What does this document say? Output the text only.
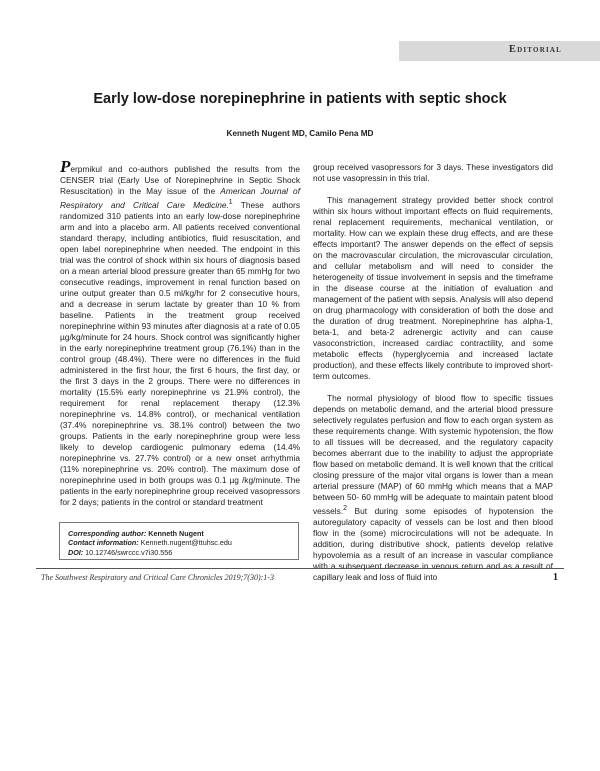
Editorial
Early low-dose norepinephrine in patients with septic shock
Kenneth Nugent MD, Camilo Pena MD

Perpmikul and co-authors published the results from the CENSER trial (Early Use of Norepinephrine in Septic Shock Resuscitation) in the May issue of the American Journal of Respiratory and Critical Care Medicine.$^1$ These authors randomized 310 patients into an early low-dose norepinephrine arm and into a placebo arm. All patients received conventional standard therapy, including antibiotics, fluid resuscitation, and open label norepinephrine when needed. The endpoint in this trial was the control of shock within six hours of diagnosis based on a mean arterial blood pressure greater than 65 mmHg for two consecutive readings, improvement in renal function based on urine output greater than 0.5 ml/kg/hr for 2 consecutive hours, and a decrease in serum lactate by greater than 10 % from baseline. Patients in the treatment group received norepinephrine within 93 minutes after diagnosis at a rate of 0.05 µg/kg/minute for 24 hours. Shock control was significantly higher in the early norepinephrine treatment group (76.1%) than in the control group (48.4%). There were no differences in the fluid administered in the first hour, the first 6 hours, the first day, or the first 3 days in the 2 groups. There were no differences in mortality (15.5% early norepinephrine vs 21.9% control), the requirement for renal replacement therapy (12.3% norepinephrine vs. 14.8% control), or mechanical ventilation (37.4% norepinephrine vs. 38.1% control) between the two groups. Patients in the early norepinephrine group were less likely to develop cardiogenic pulmonary edema (14.4% norepinephrine vs. 27.7% control) or a new onset arrhythmia (11% norepinephrine vs. 20% control). The maximum dose of norepinephrine used in both groups was 0.1 µg /kg/minute. The patients in the early norepinephrine group received vasopressors for 2 days; patients in the control or standard treatment

group received vasopressors for 3 days. These investigators did not use vasopressin in this trial.

This management strategy provided better shock control within six hours without important effects on fluid requirements, renal replacement requirements, mechanical ventilation, or mortality. How can we explain these drug effects, and are these effects important? The answer depends on the effect of sepsis on the macrovascular circulation, the microvascular circulation, and cellular metabolism and will need to consider the heterogeneity of tissue involvement in sepsis and the timeframe in the disease course at the initiation of evaluation and management of the patient with sepsis. Analysis will also depend on drug pharmacology with consideration of both the dose and the duration of drug treatment. Norepinephrine has alpha-1, beta-1, and beta-2 adrenergic activity and can cause vasoconstriction, increased cardiac contractility, and some metabolic effects (hyperglycemia and increased lactate production), and these effects likely contribute to improved short-term outcomes.

The normal physiology of blood flow to specific tissues depends on metabolic demand, and the arterial blood pressure selectively regulates perfusion and flow to each organ system as these requirements change. With systemic hypotension, the flow to all tissues will be decreased, and the regulatory capacity becomes aberrant due to the inability to adjust the appropriate flow based on metabolic demand. It is well known that the critical closing pressure of the major vital organs is lower than a mean arterial pressure (MAP) of 60 mmHg which means that a MAP between 50- 60 mmHg will be adequate to maintain patent blood vessels.$^2$ But during some episodes of hypotension the autoregulatory capacity of vessels can be lost and then blood flow in the (some) microcirculations will not be adequate. In addition, during distributive shock, patients develop relative hypovolemia as a result of an increase in vascular compliance with a subsequent decrease in venous return and as a result of capillary leak and loss of fluid into

Corresponding author: Kenneth Nugent
Contact information: Kenneth.nugent@ttuhsc.edu
DOI: 10.12746/swrccc.v7i30.556
The Southwest Respiratory and Critical Care Chronicles 2019;7(30):1-3	1
